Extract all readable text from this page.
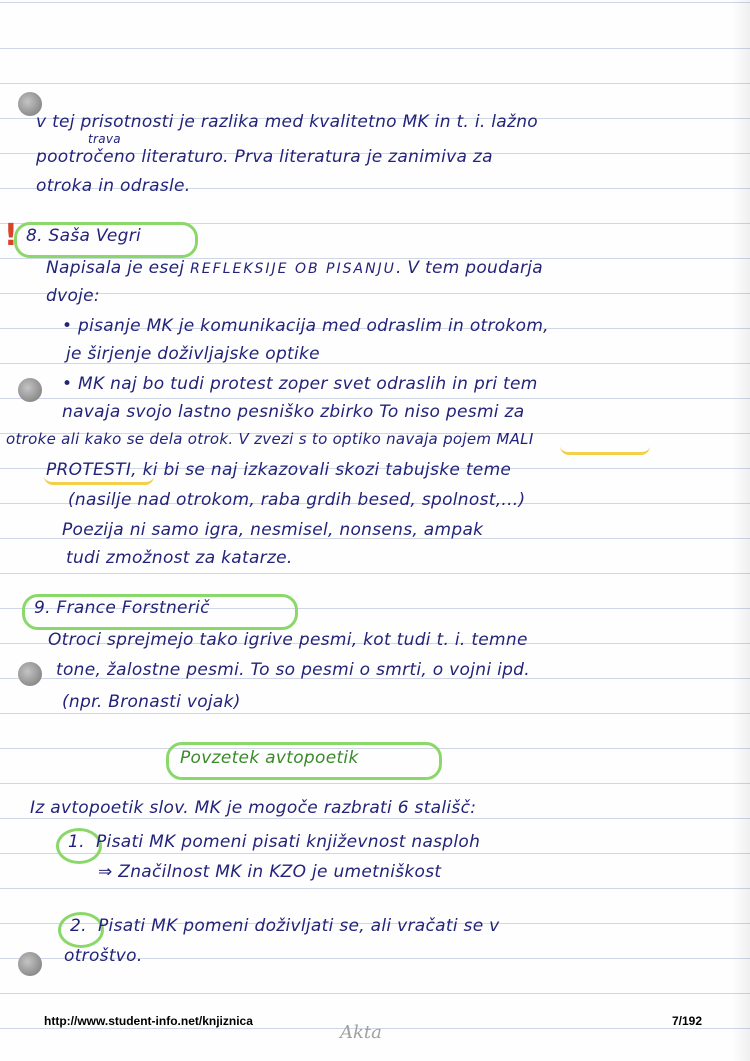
trava
v tej prisotnosti je razlika med kvalitetno MK in t. i. lažno
pootročeno literaturo. Prva literatura je zanimiva za
otroka in odrasle.
! 8. Saša Vegri
Napisala je esej REFLEKSIJE OB PISANJU. V tem poudarja
dvoje:
• pisanje MK je komunikacija med odraslim in otrokom,
je širjenje doživljajske optike
• MK naj bo tudi protest zoper svet odraslih in pri tem
navaja svojo lastno pesniško zbirko To niso pesmi za
otroke ali kako se dela otrok. V zvezi s to optiko navaja pojem MALI
PROTESTI, ki bi se naj izkazovali skozi tabujske teme
(nasilje nad otrokom, raba grdih besed, spolnost,...)
Poezija ni samo igra, nesmisel, nonsens, ampak
tudi zmožnost za katarze.
9. France Forstnerič
Otroci sprejmejo tako igrive pesmi, kot tudi t. i. temne
tone, žalostne pesmi. To so pesmi o smrti, o vojni ipd.
(npr. Bronasti vojak)
Povzetek avtopoetik
Iz avtopoetik slov. MK je mogoče razbrati 6 stališč:
1. Pisati MK pomeni pisati književnost nasploh
⇒ Značilnost MK in KZO je umetniškost
2. Pisati MK pomeni doživljati se, ali vračati se v
otroštvo.
http://www.student-info.net/knjiznica	7/192
Akta
